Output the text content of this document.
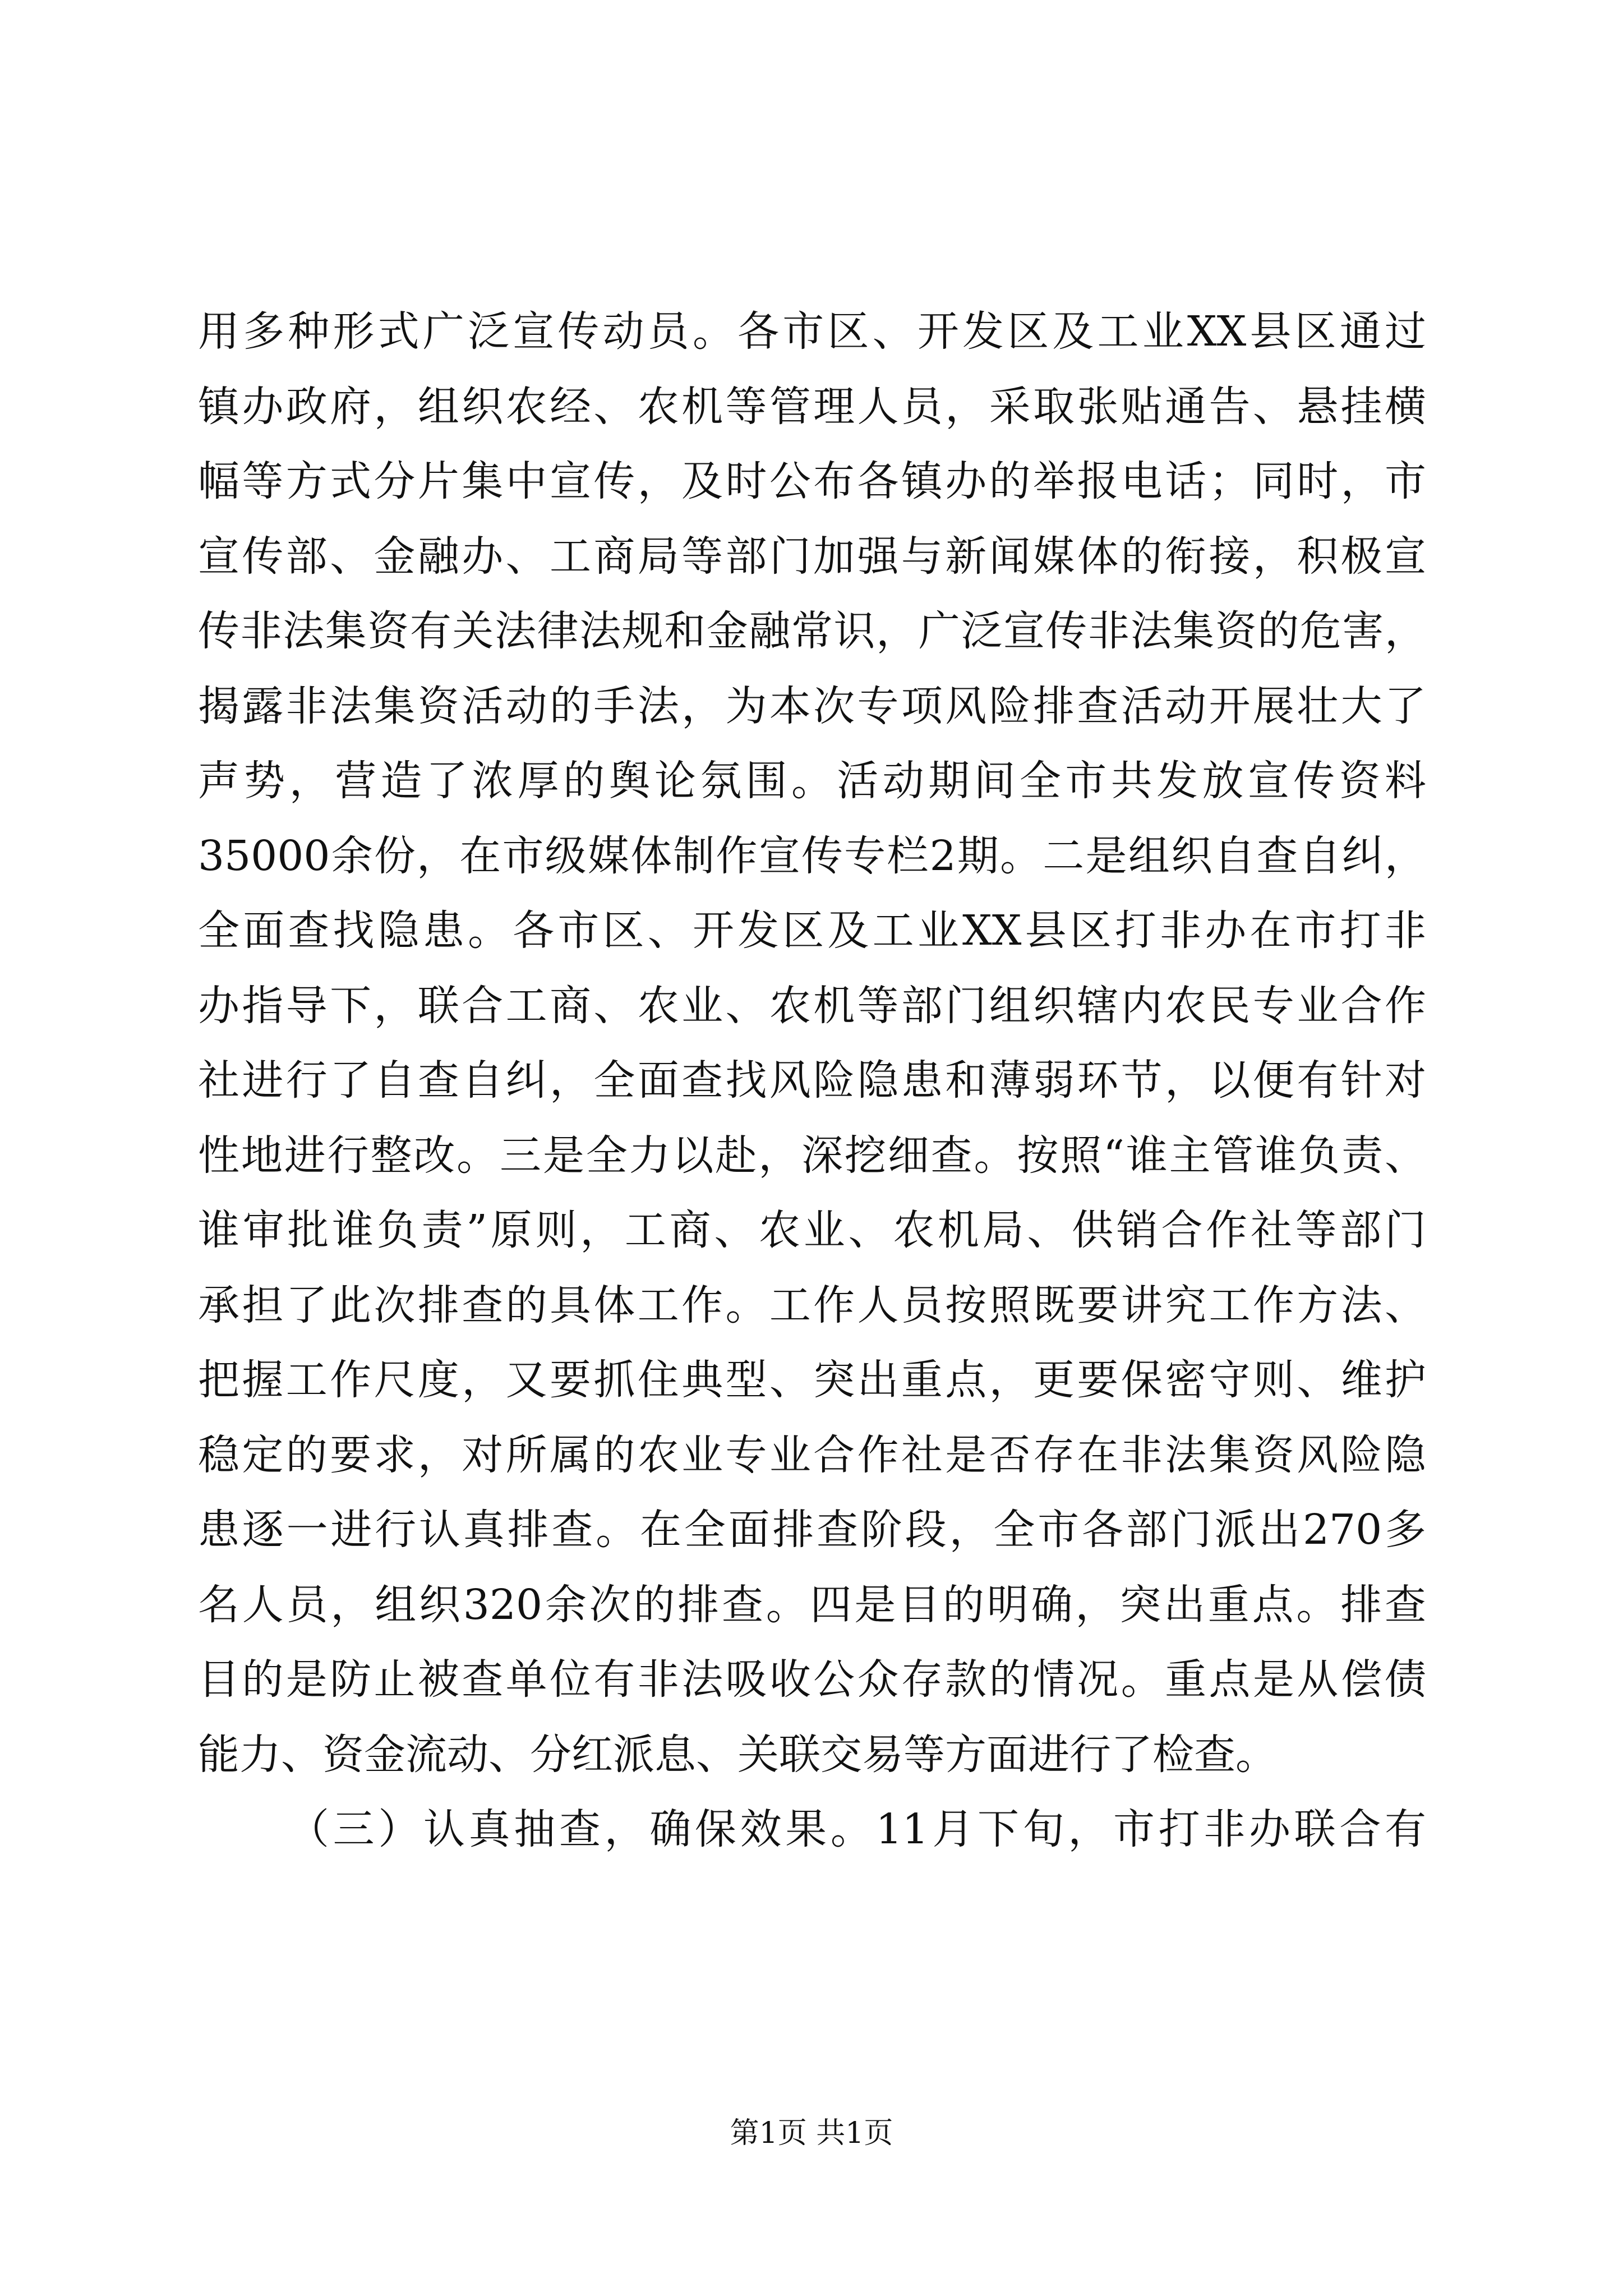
用多种形式广泛宣传动员。各市区、开发区及工业XX县区通过
镇办政府，组织农经、农机等管理人员，采取张贴通告、悬挂横
幅等方式分片集中宣传，及时公布各镇办的举报电话；同时，市
宣传部、金融办、工商局等部门加强与新闻媒体的衔接，积极宣
传非法集资有关法律法规和金融常识，广泛宣传非法集资的危害，
揭露非法集资活动的手法，为本次专项风险排查活动开展壮大了
声势，营造了浓厚的舆论氛围。活动期间全市共发放宣传资料
35000余份，在市级媒体制作宣传专栏2期。二是组织自查自纠，
全面查找隐患。各市区、开发区及工业XX县区打非办在市打非
办指导下，联合工商、农业、农机等部门组织辖内农民专业合作
社进行了自查自纠，全面查找风险隐患和薄弱环节，以便有针对
性地进行整改。三是全力以赴，深挖细查。按照“谁主管谁负责、
谁审批谁负责”原则，工商、农业、农机局、供销合作社等部门
承担了此次排查的具体工作。工作人员按照既要讲究工作方法、
把握工作尺度，又要抓住典型、突出重点，更要保密守则、维护
稳定的要求，对所属的农业专业合作社是否存在非法集资风险隐
患逐一进行认真排查。在全面排查阶段，全市各部门派出270多
名人员，组织320余次的排查。四是目的明确，突出重点。排查
目的是防止被查单位有非法吸收公众存款的情况。重点是从偿债
能力、资金流动、分红派息、关联交易等方面进行了检查。
（三）认真抽查，确保效果。11月下旬，市打非办联合有
第1页 共1页
